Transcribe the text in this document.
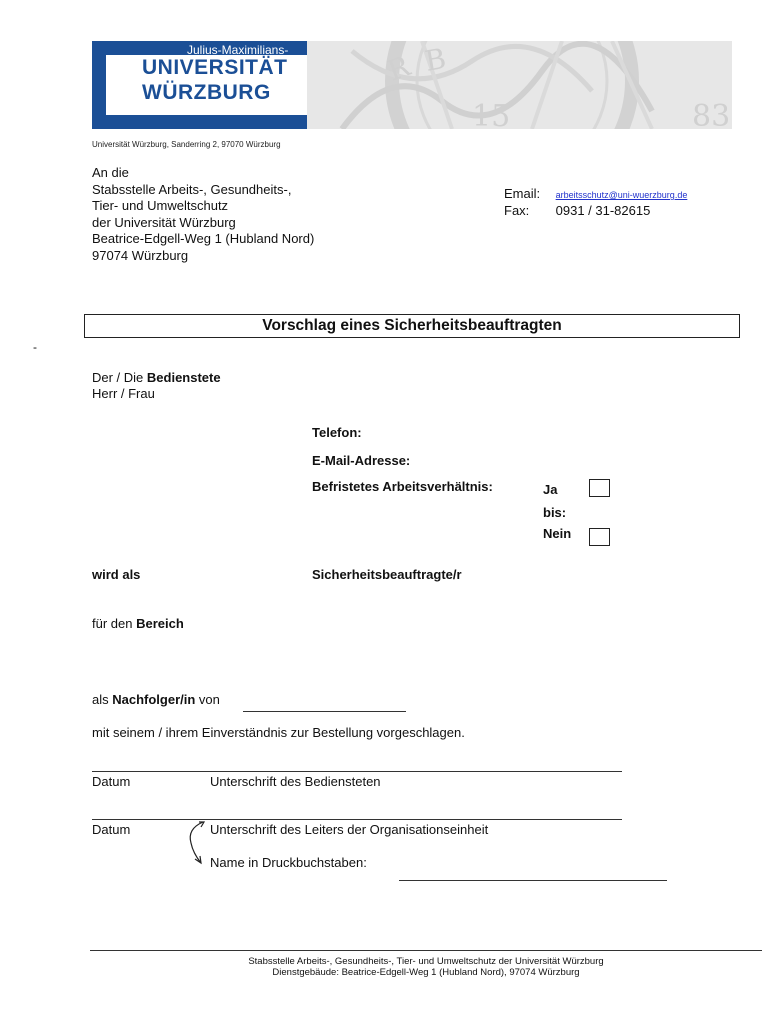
R B
15	83
Julius-Maximilians-
UNIVERSITÄT
WÜRZBURG
Universität Würzburg, Sanderring 2, 97070 Würzburg
An die
Stabsstelle Arbeits-, Gesundheits-,
Tier- und Umweltschutz
der Universität Würzburg
Beatrice-Edgell-Weg 1 (Hubland Nord)
97074 Würzburg
Email: arbeitsschutz@uni-wuerzburg.de
Fax: 0931 / 31-82615
Vorschlag eines Sicherheitsbeauftragten
-
Der / Die Bedienstete
Herr / Frau
Telefon:
E-Mail-Adresse:
Befristetes Arbeitsverhältnis:	Ja
bis:
Nein
wird als	Sicherheitsbeauftragte/r
für den Bereich
als Nachfolger/in von
mit seinem / ihrem Einverständnis zur Bestellung vorgeschlagen.
Datum	Unterschrift des Bediensteten
Datum	Unterschrift des Leiters der Organisationseinheit
Name in Druckbuchstaben:
Stabsstelle Arbeits-, Gesundheits-, Tier- und Umweltschutz der Universität Würzburg
Dienstgebäude: Beatrice-Edgell-Weg 1 (Hubland Nord), 97074 Würzburg
